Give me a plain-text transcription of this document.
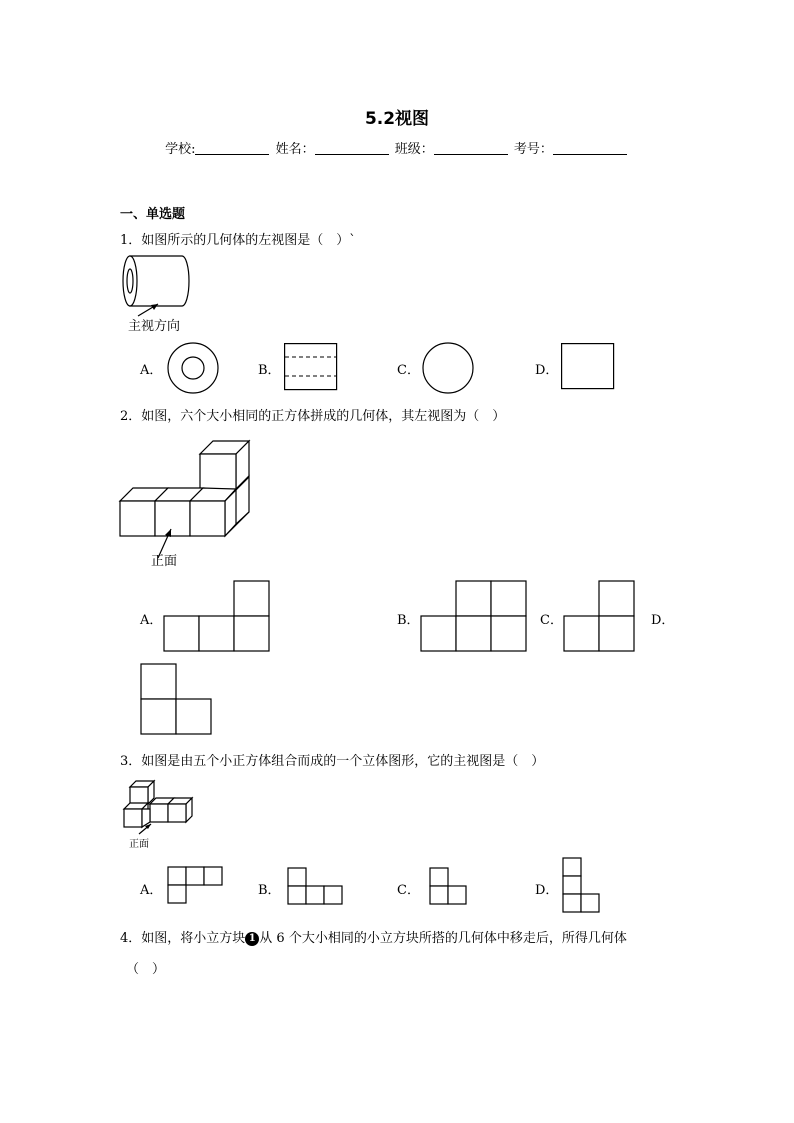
5.2视图
学校:	姓名：	班级：	考号：
一、单选题
1．如图所示的几何体的左视图是（　）`
主视方向
A．	B．	C．	D．
2．如图，六个大小相同的正方体拼成的几何体，其左视图为（　）
正面
A．	B．	C．	D．
3．如图是由五个小正方体组合而成的一个立体图形，它的主视图是（　）
正面
A．	B．	C．	D．
4．如图，将小立方块 1 从 6 个大小相同的小立方块所搭的几何体中移走后，所得几何体
（　）
